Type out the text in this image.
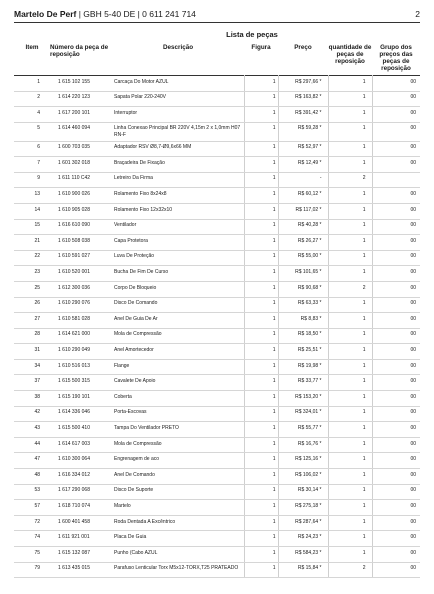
Martelo De Perf | GBH 5-40 DE | 0 611 241 714	2
Lista de peças
Item	Número da peça de reposição	Descrição	Figura	Preço	quantidade de peças de reposição	Grupo dos preços das peças de reposição
1	1 615 102 155	Carcaça Do Motor AZUL	1	R$ 297,66 *	1	00
2	1 614 220 123	Sapata Polar 220-240V	1	R$ 163,82 *	1	00
4	1 617 200 101	Interruptor	1	R$ 391,42 *	1	00
5	1 614 460 094	Linha Conexao Principal BR 220V 4,15m 2 x 1,0mm H07 RN-F	1	R$ 59,28 *	1	00
6	1 600 703 035	Adaptador RSV Ø8,7-Ø9,6x66 MM	1	R$ 52,97 *	1	00
7	1 601 302 018	Braçadeira De Fixação	1	R$ 12,49 *	1	00
9	1 611 110 C42	Letreiro Da Firma	1	-	2	
13	1 610 900 026	Rolamento Fixo 8x24x8	1	R$ 60,12 *	1	00
14	1 610 905 028	Rolamento Fixo 12x32x10	1	R$ 117,02 *	1	00
15	1 616 610 090	Ventilador	1	R$ 40,28 *	1	00
21	1 610 508 038	Capa Protetora	1	R$ 26,27 *	1	00
22	1 610 591 027	Luva De Proteção	1	R$ 55,00 *	1	00
23	1 610 520 001	Bucha De Fim De Curso	1	R$ 101,65 *	1	00
25	1 612 300 036	Corpo De Bloqueio	1	R$ 90,68 *	2	00
26	1 610 290 076	Disco De Comando	1	R$ 63,33 *	1	00
27	1 610 581 028	Anel De Guia De Ar	1	R$ 8,83 *	1	00
28	1 614 621 000	Mola de Compressão	1	R$ 18,50 *	1	00
31	1 610 290 049	Anel Amortecedor	1	R$ 25,51 *	1	00
34	1 610 516 013	Flange	1	R$ 19,98 *	1	00
37	1 615 500 315	Cavalete De Apoio	1	R$ 33,77 *	1	00
38	1 615 190 101	Coberta	1	R$ 153,20 *	1	00
42	1 614 336 046	Porta-Escovas	1	R$ 324,01 *	1	00
43	1 615 500 410	Tampa Do Ventilador PRETO	1	R$ 55,77 *	1	00
44	1 614 617 003	Mola de Compressão	1	R$ 16,76 *	1	00
47	1 610 300 064	Engrenagem de aco	1	R$ 125,16 *	1	00
48	1 616 334 012	Anel De Comando	1	R$ 106,02 *	1	00
53	1 617 290 068	Disco De Suporte	1	R$ 30,14 *	1	00
57	1 618 710 074	Martelo	1	R$ 275,18 *	1	00
72	1 600 401 458	Roda Dentada A Excêntrico	1	R$ 287,64 *	1	00
74	1 611 921 001	Placa De Guia	1	R$ 24,23 *	1	00
75	1 615 132 087	Punho (Cabo AZUL	1	R$ 584,23 *	1	00
79	1 613 435 015	Parafuso Lenticular Torx M5x12-TORX,T25 PRATEADO	1	R$ 15,84 *	2	00
